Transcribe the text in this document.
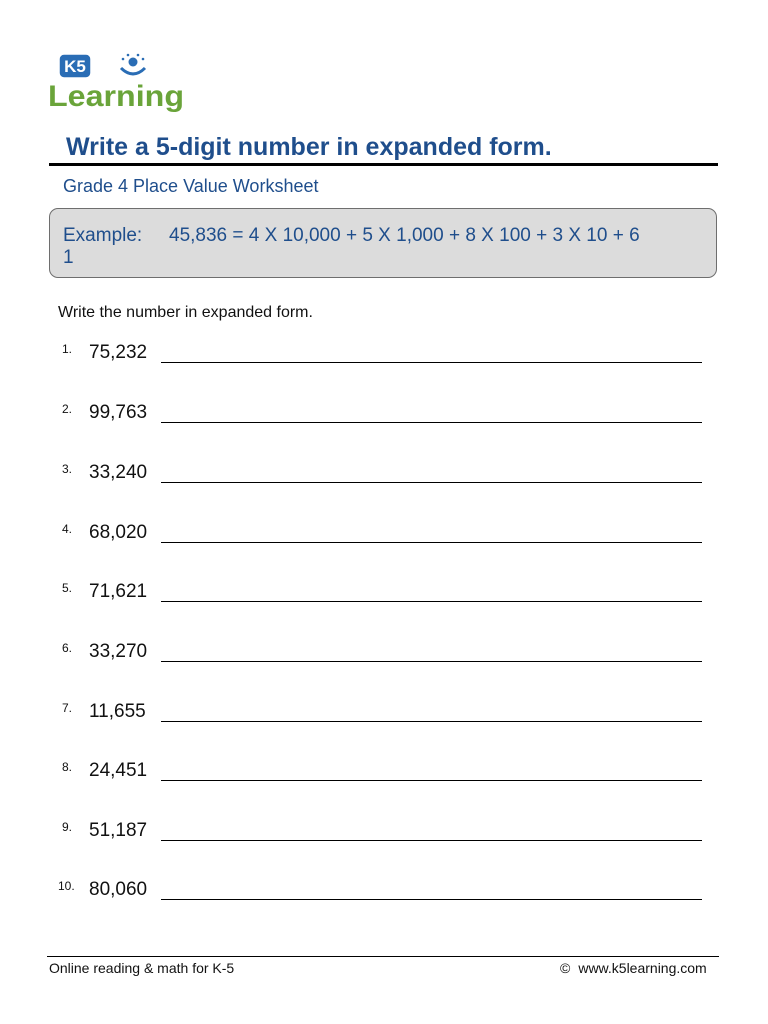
K5
Learning
Write a 5-digit number in expanded form.
Grade 4 Place Value Worksheet
Example: 45,836 = 4 X 10,000 + 5 X 1,000 + 8 X 100 + 3 X 10 + 6
1
Write the number in expanded form.
1. 75,232
2. 99,763
3. 33,240
4. 68,020
5. 71,621
6. 33,270
7. 11,655
8. 24,451
9. 51,187
10. 80,060
Online reading & math for K-5	© www.k5learning.com
